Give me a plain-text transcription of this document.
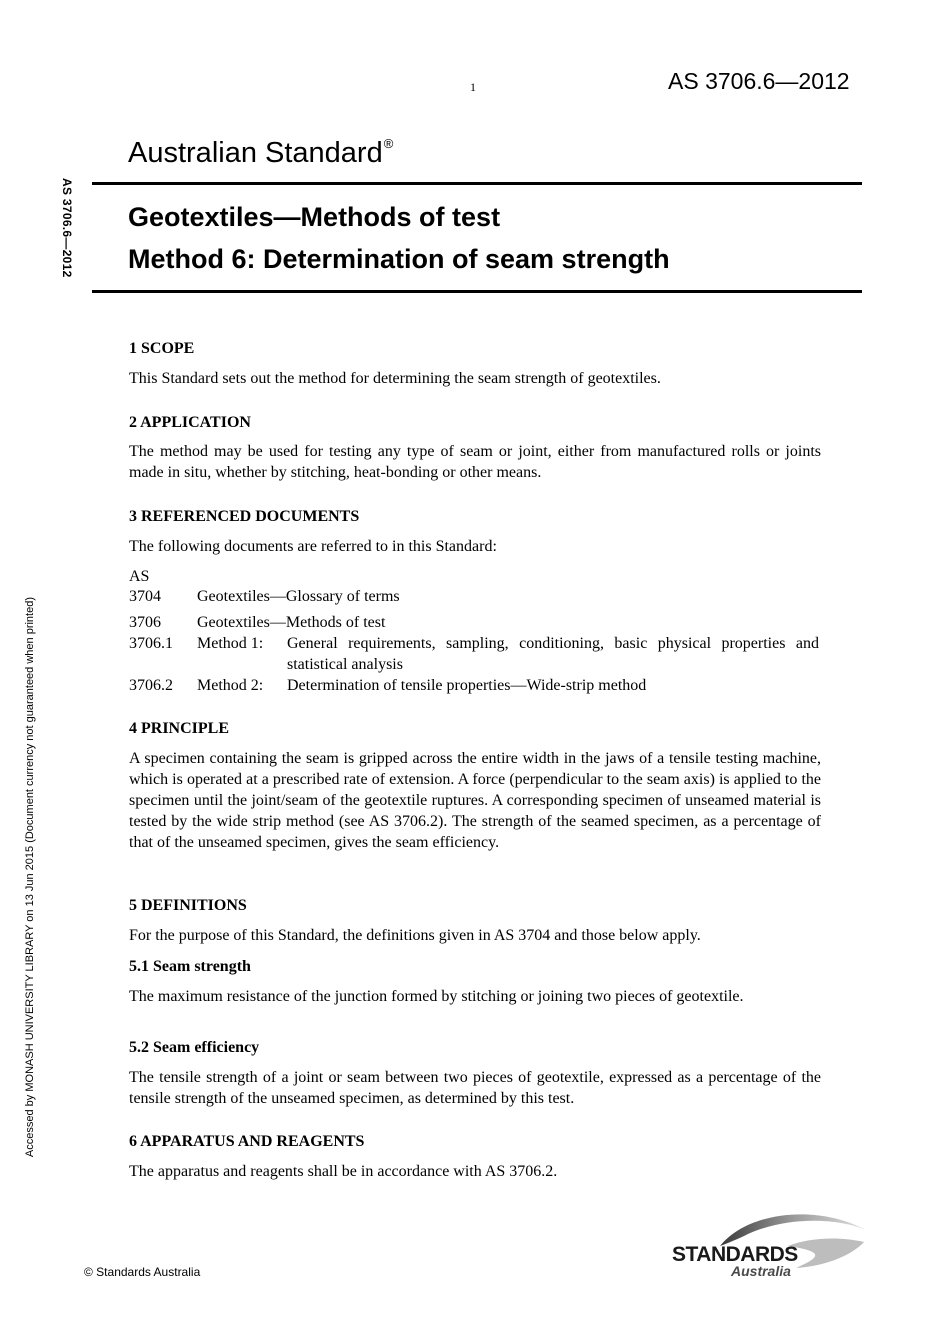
1	AS 3706.6—2012
Australian Standard®
Geotextiles—Methods of test
Method 6: Determination of seam strength
AS 3706.6—2012
Accessed by MONASH UNIVERSITY LIBRARY on 13 Jun 2015 (Document currency not guaranteed when printed)
1 SCOPE
This Standard sets out the method for determining the seam strength of geotextiles.
2 APPLICATION
The method may be used for testing any type of seam or joint, either from manufactured rolls or joints made in situ, whether by stitching, heat-bonding or other means.
3 REFERENCED DOCUMENTS
The following documents are referred to in this Standard:
AS
3704 Geotextiles—Glossary of terms
3706 Geotextiles—Methods of test
3706.1 Method 1: General requirements, sampling, conditioning, basic physical properties and statistical analysis
3706.2 Method 2: Determination of tensile properties—Wide-strip method
4 PRINCIPLE
A specimen containing the seam is gripped across the entire width in the jaws of a tensile testing machine, which is operated at a prescribed rate of extension. A force (perpendicular to the seam axis) is applied to the specimen until the joint/seam of the geotextile ruptures. A corresponding specimen of unseamed material is tested by the wide strip method (see AS 3706.2). The strength of the seamed specimen, as a percentage of that of the unseamed specimen, gives the seam efficiency.
5 DEFINITIONS
For the purpose of this Standard, the definitions given in AS 3704 and those below apply.
5.1 Seam strength
The maximum resistance of the junction formed by stitching or joining two pieces of geotextile.
5.2 Seam efficiency
The tensile strength of a joint or seam between two pieces of geotextile, expressed as a percentage of the tensile strength of the unseamed specimen, as determined by this test.
6 APPARATUS AND REAGENTS
The apparatus and reagents shall be in accordance with AS 3706.2.
© Standards Australia
STANDARDS
Australia
